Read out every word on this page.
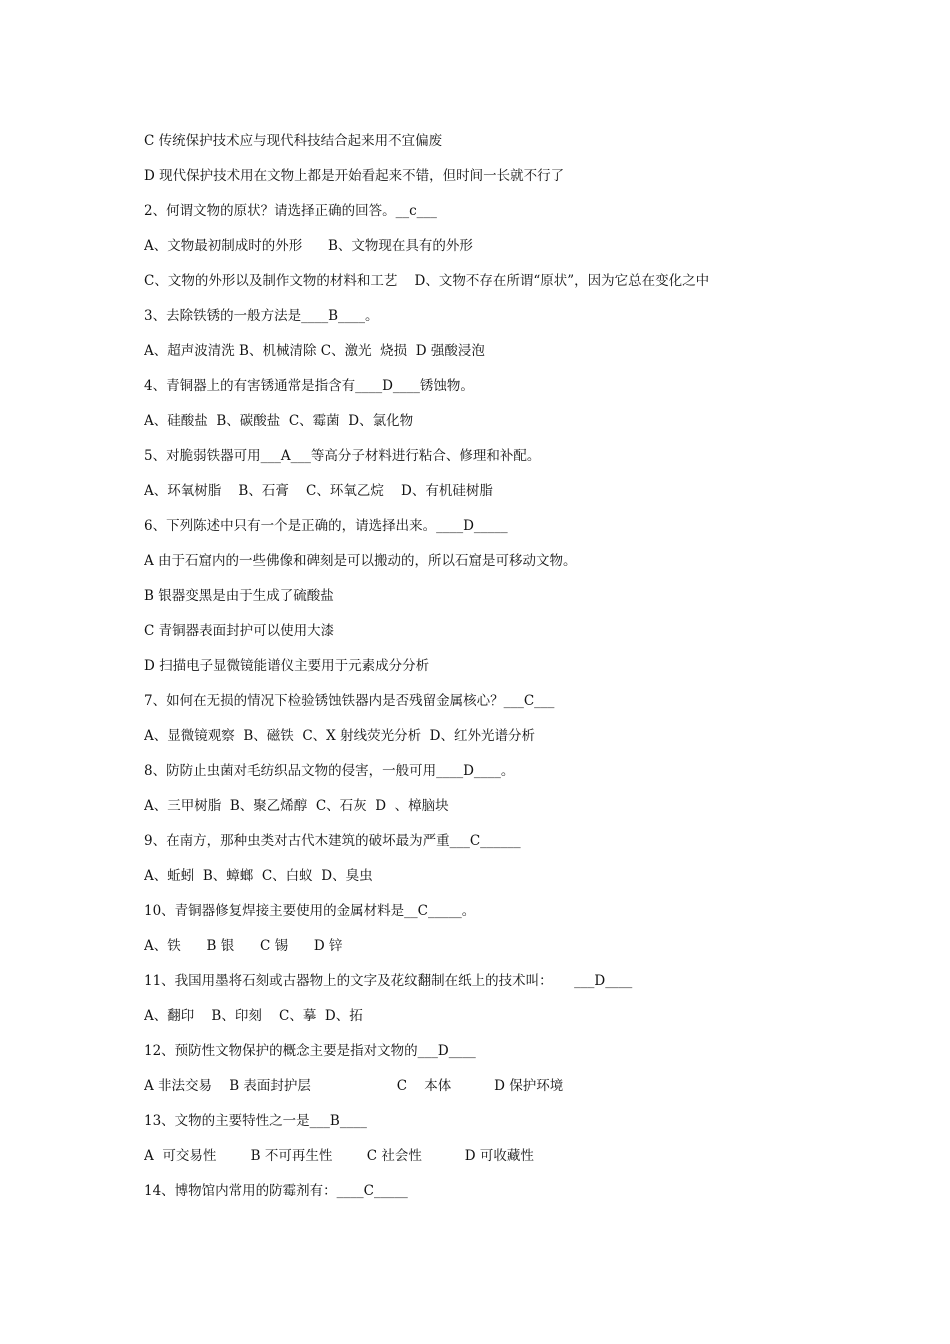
C 传统保护技术应与现代科技结合起来用不宜偏废
D 现代保护技术用在文物上都是开始看起来不错，但时间一长就不行了
2、何谓文物的原状？请选择正确的回答。__c___
A、文物最初制成时的外形      B、文物现在具有的外形
C、文物的外形以及制作文物的材料和工艺    D、文物不存在所谓“原状”，因为它总在变化之中
3、去除铁锈的一般方法是____B____。
A、超声波清洗 B、机械清除 C、激光  烧损  D 强酸浸泡
4、青铜器上的有害锈通常是指含有____D____锈蚀物。
A、硅酸盐  B、碳酸盐  C、霉菌  D、氯化物
5、对脆弱铁器可用___A___等高分子材料进行粘合、修理和补配。
A、环氧树脂    B、石膏    C、环氧乙烷    D、有机硅树脂
6、下列陈述中只有一个是正确的，请选择出来。____D_____
A 由于石窟内的一些佛像和碑刻是可以搬动的，所以石窟是可移动文物。
B 银器变黑是由于生成了硫酸盐
C 青铜器表面封护可以使用大漆
D 扫描电子显微镜能谱仪主要用于元素成分分析
7、如何在无损的情况下检验锈蚀铁器内是否残留金属核心？___C___
A、显微镜观察  B、磁铁  C、X 射线荧光分析  D、红外光谱分析
8、防防止虫菌对毛纺织品文物的侵害，一般可用____D____。
A、三甲树脂  B、聚乙烯醇  C、石灰  D  、樟脑块
9、在南方，那种虫类对古代木建筑的破坏最为严重___C______
A、蚯蚓  B、蟑螂  C、白蚁  D、臭虫
10、青铜器修复焊接主要使用的金属材料是__C_____。
A、铁      B 银      C 锡      D 锌
11、我国用墨将石刻或古器物上的文字及花纹翻制在纸上的技术叫：     ___D____
A、翻印    B、印刻    C、摹  D、拓
12、预防性文物保护的概念主要是指对文物的___D____
A 非法交易    B 表面封护层                    C    本体          D 保护环境
13、文物的主要特性之一是___B____
A  可交易性        B 不可再生性        C 社会性          D 可收藏性
14、博物馆内常用的防霉剂有：____C_____
